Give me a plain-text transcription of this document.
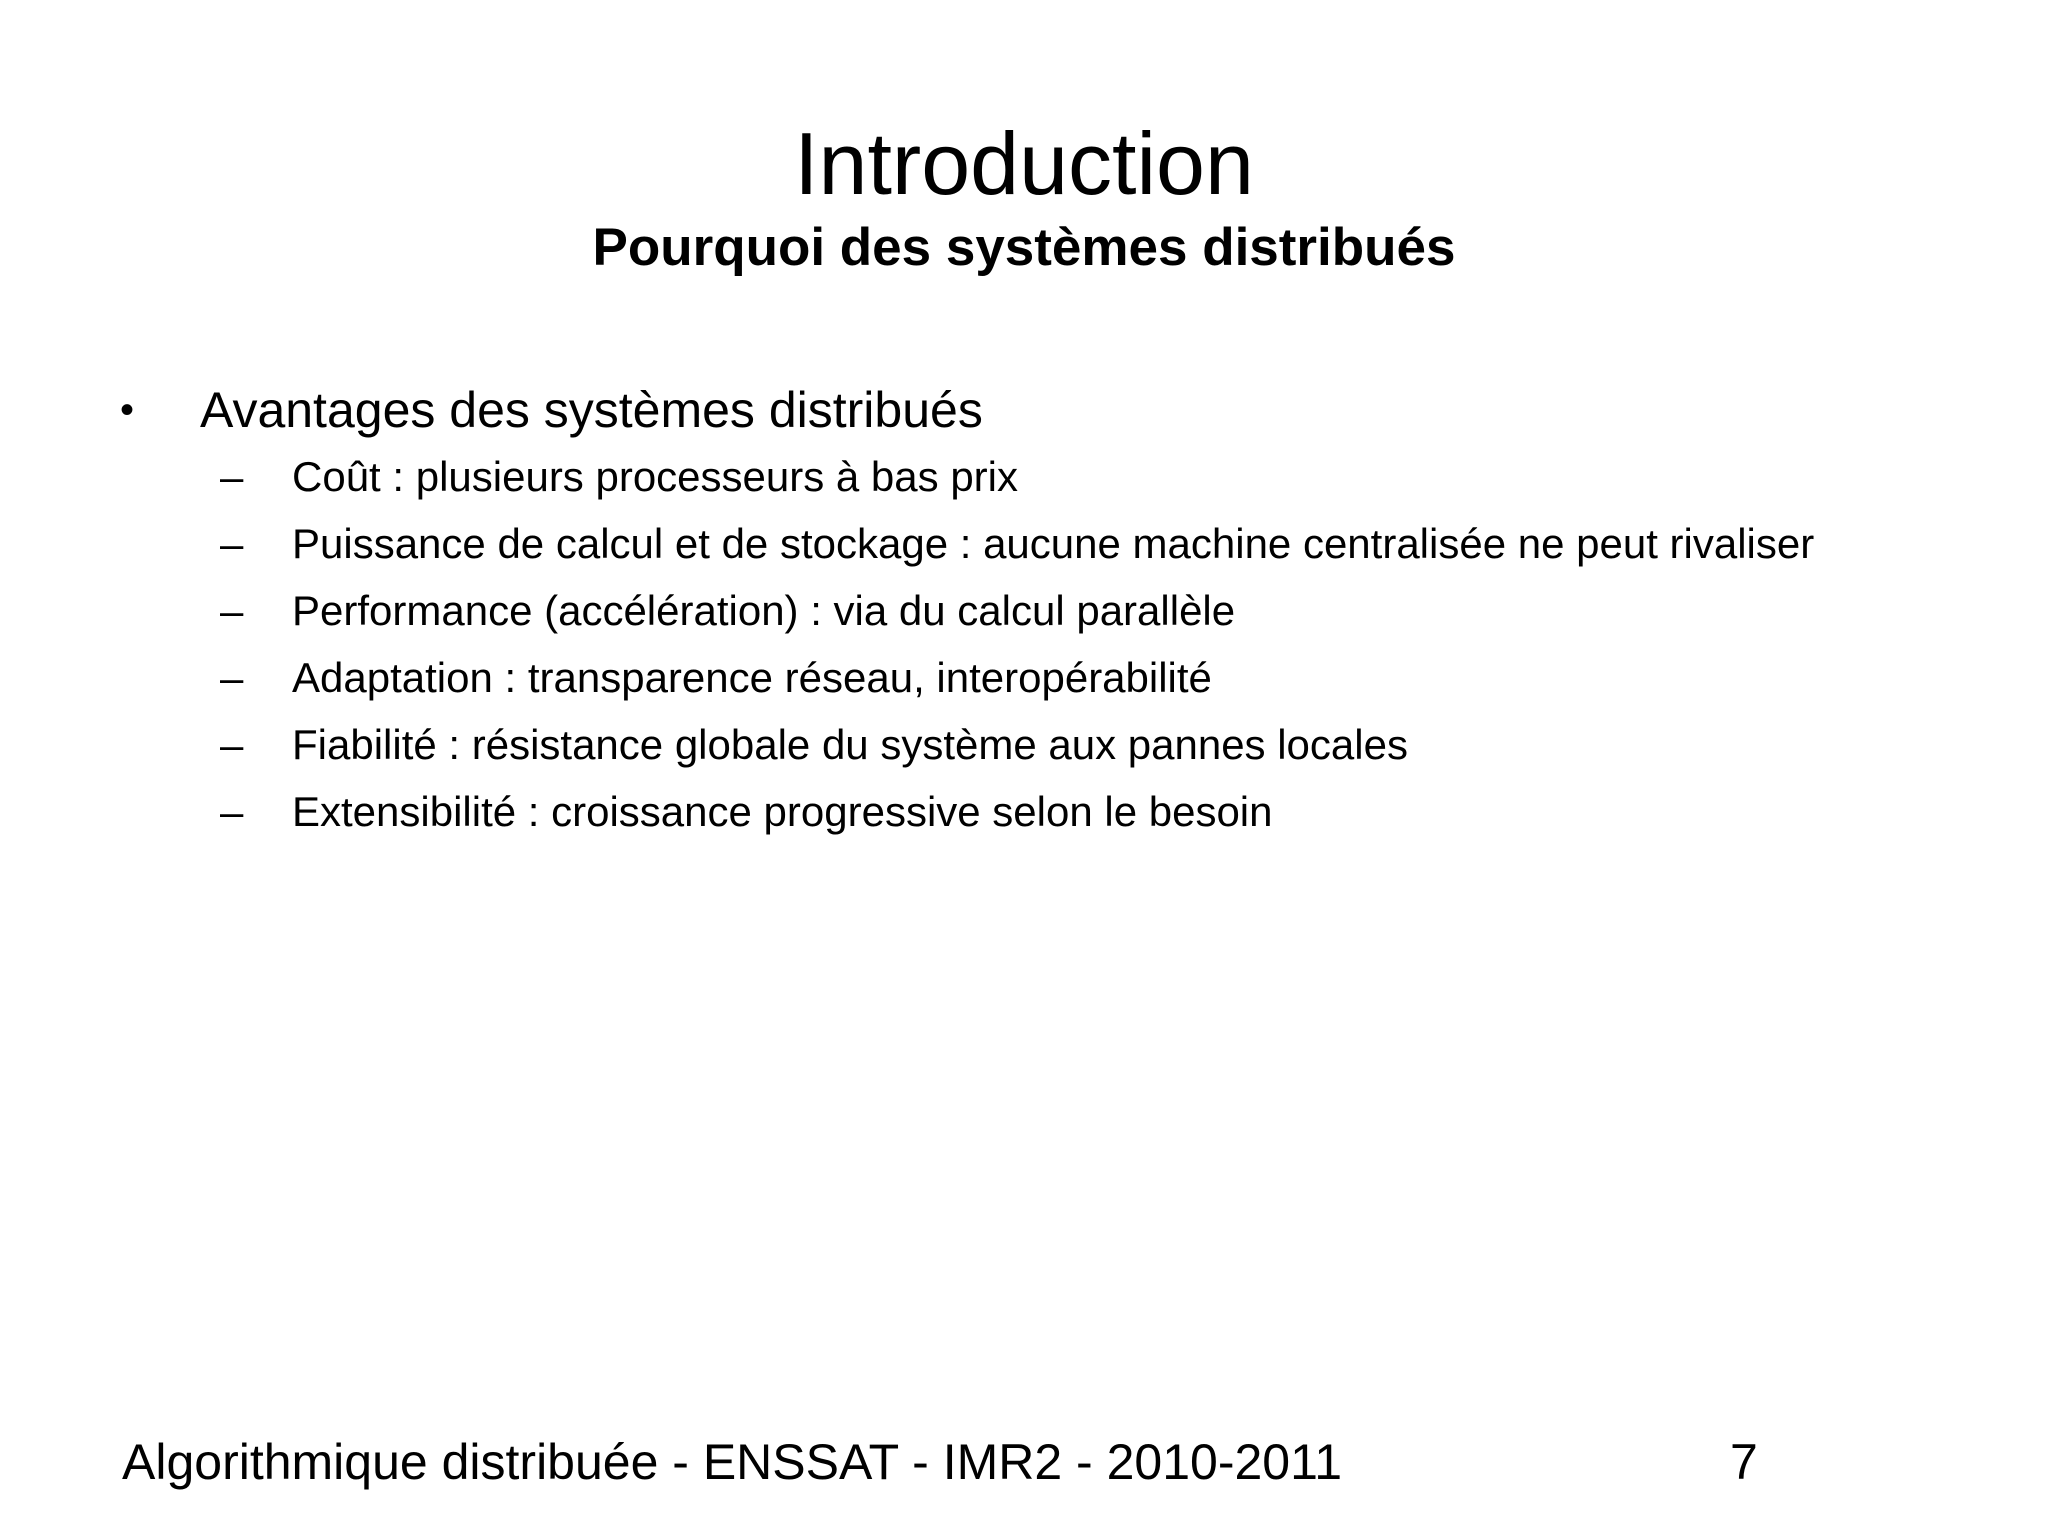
Introduction
Pourquoi des systèmes distribués
• Avantages des systèmes distribués
– Coût : plusieurs processeurs à bas prix
– Puissance de calcul et de stockage : aucune machine centralisée ne peut rivaliser
– Performance (accélération) : via du calcul parallèle
– Adaptation : transparence réseau, interopérabilité
– Fiabilité : résistance globale du système aux pannes locales
– Extensibilité : croissance progressive selon le besoin
Algorithmique distribuée - ENSSAT - IMR2 - 2010-2011	7
